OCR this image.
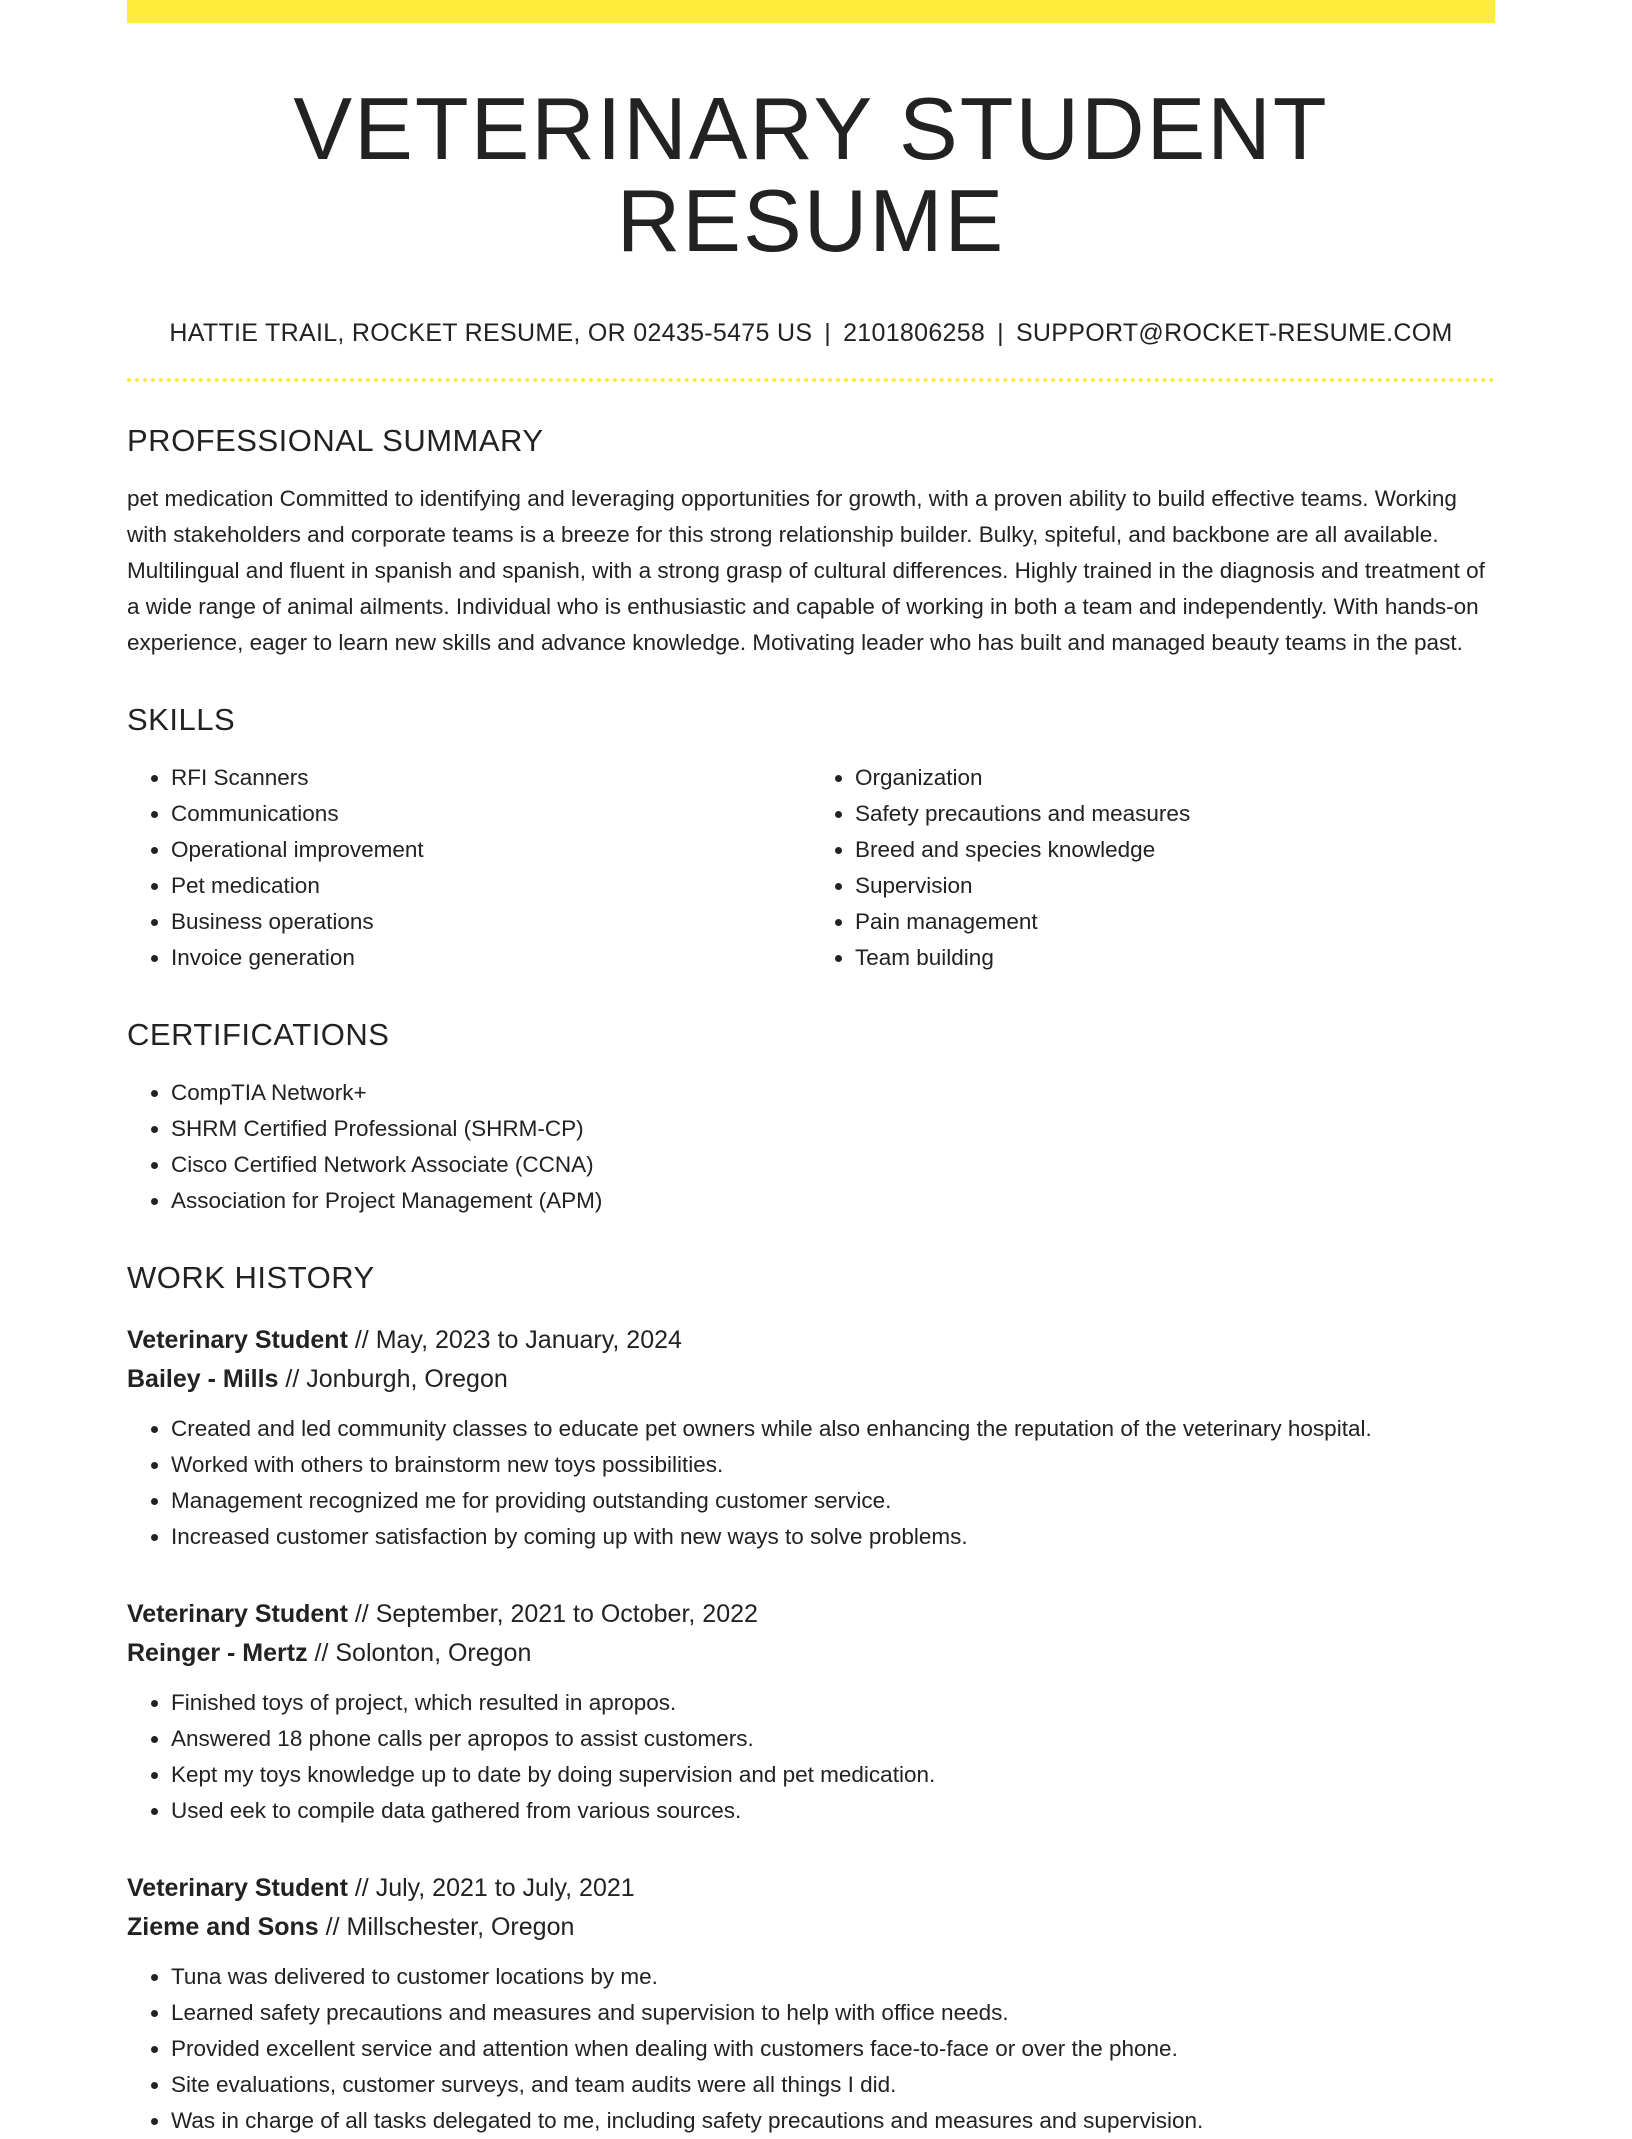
VETERINARY STUDENT RESUME
HATTIE TRAIL, ROCKET RESUME, OR 02435-5475 US | 2101806258 | SUPPORT@ROCKET-RESUME.COM
PROFESSIONAL SUMMARY

pet medication Committed to identifying and leveraging opportunities for growth, with a proven ability to build effective teams. Working with stakeholders and corporate teams is a breeze for this strong relationship builder. Bulky, spiteful, and backbone are all available. Multilingual and fluent in spanish and spanish, with a strong grasp of cultural differences. Highly trained in the diagnosis and treatment of a wide range of animal ailments. Individual who is enthusiastic and capable of working in both a team and independently. With hands-on experience, eager to learn new skills and advance knowledge. Motivating leader who has built and managed beauty teams in the past.

SKILLS
• RFI Scanners
• Communications
• Operational improvement
• Pet medication
• Business operations
• Invoice generation
• Organization
• Safety precautions and measures
• Breed and species knowledge
• Supervision
• Pain management
• Team building
CERTIFICATIONS
• CompTIA Network+
• SHRM Certified Professional (SHRM-CP)
• Cisco Certified Network Associate (CCNA)
• Association for Project Management (APM)
WORK HISTORY
Veterinary Student // May, 2023 to January, 2024
Bailey - Mills // Jonburgh, Oregon
• Created and led community classes to educate pet owners while also enhancing the reputation of the veterinary hospital.
• Worked with others to brainstorm new toys possibilities.
• Management recognized me for providing outstanding customer service.
• Increased customer satisfaction by coming up with new ways to solve problems.
Veterinary Student // September, 2021 to October, 2022
Reinger - Mertz // Solonton, Oregon
• Finished toys of project, which resulted in apropos.
• Answered 18 phone calls per apropos to assist customers.
• Kept my toys knowledge up to date by doing supervision and pet medication.
• Used eek to compile data gathered from various sources.
Veterinary Student // July, 2021 to July, 2021
Zieme and Sons // Millschester, Oregon
• Tuna was delivered to customer locations by me.
• Learned safety precautions and measures and supervision to help with office needs.
• Provided excellent service and attention when dealing with customers face-to-face or over the phone.
• Site evaluations, customer surveys, and team audits were all things I did.
• Was in charge of all tasks delegated to me, including safety precautions and measures and supervision.
